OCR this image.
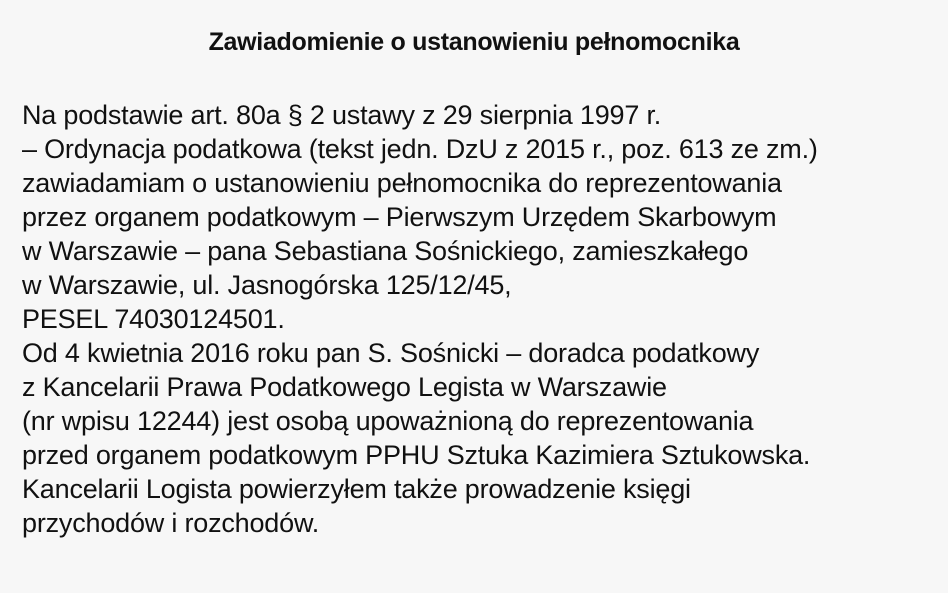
Zawiadomienie o ustanowieniu pełnomocnika
Na podstawie art. 80a § 2 ustawy z 29 sierpnia 1997 r.
– Ordynacja podatkowa (tekst jedn. DzU z 2015 r., poz. 613 ze zm.)
zawiadamiam o ustanowieniu pełnomocnika do reprezentowania
przez organem podatkowym – Pierwszym Urzędem Skarbowym
w Warszawie – pana Sebastiana Sośnickiego, zamieszkałego
w Warszawie, ul. Jasnogórska 125/12/45,
PESEL 74030124501.
Od 4 kwietnia 2016 roku pan S. Sośnicki – doradca podatkowy
z Kancelarii Prawa Podatkowego Legista w Warszawie
(nr wpisu 12244) jest osobą upoważnioną do reprezentowania
przed organem podatkowym PPHU Sztuka Kazimiera Sztukowska.
Kancelarii Logista powierzyłem także prowadzenie księgi
przychodów i rozchodów.
